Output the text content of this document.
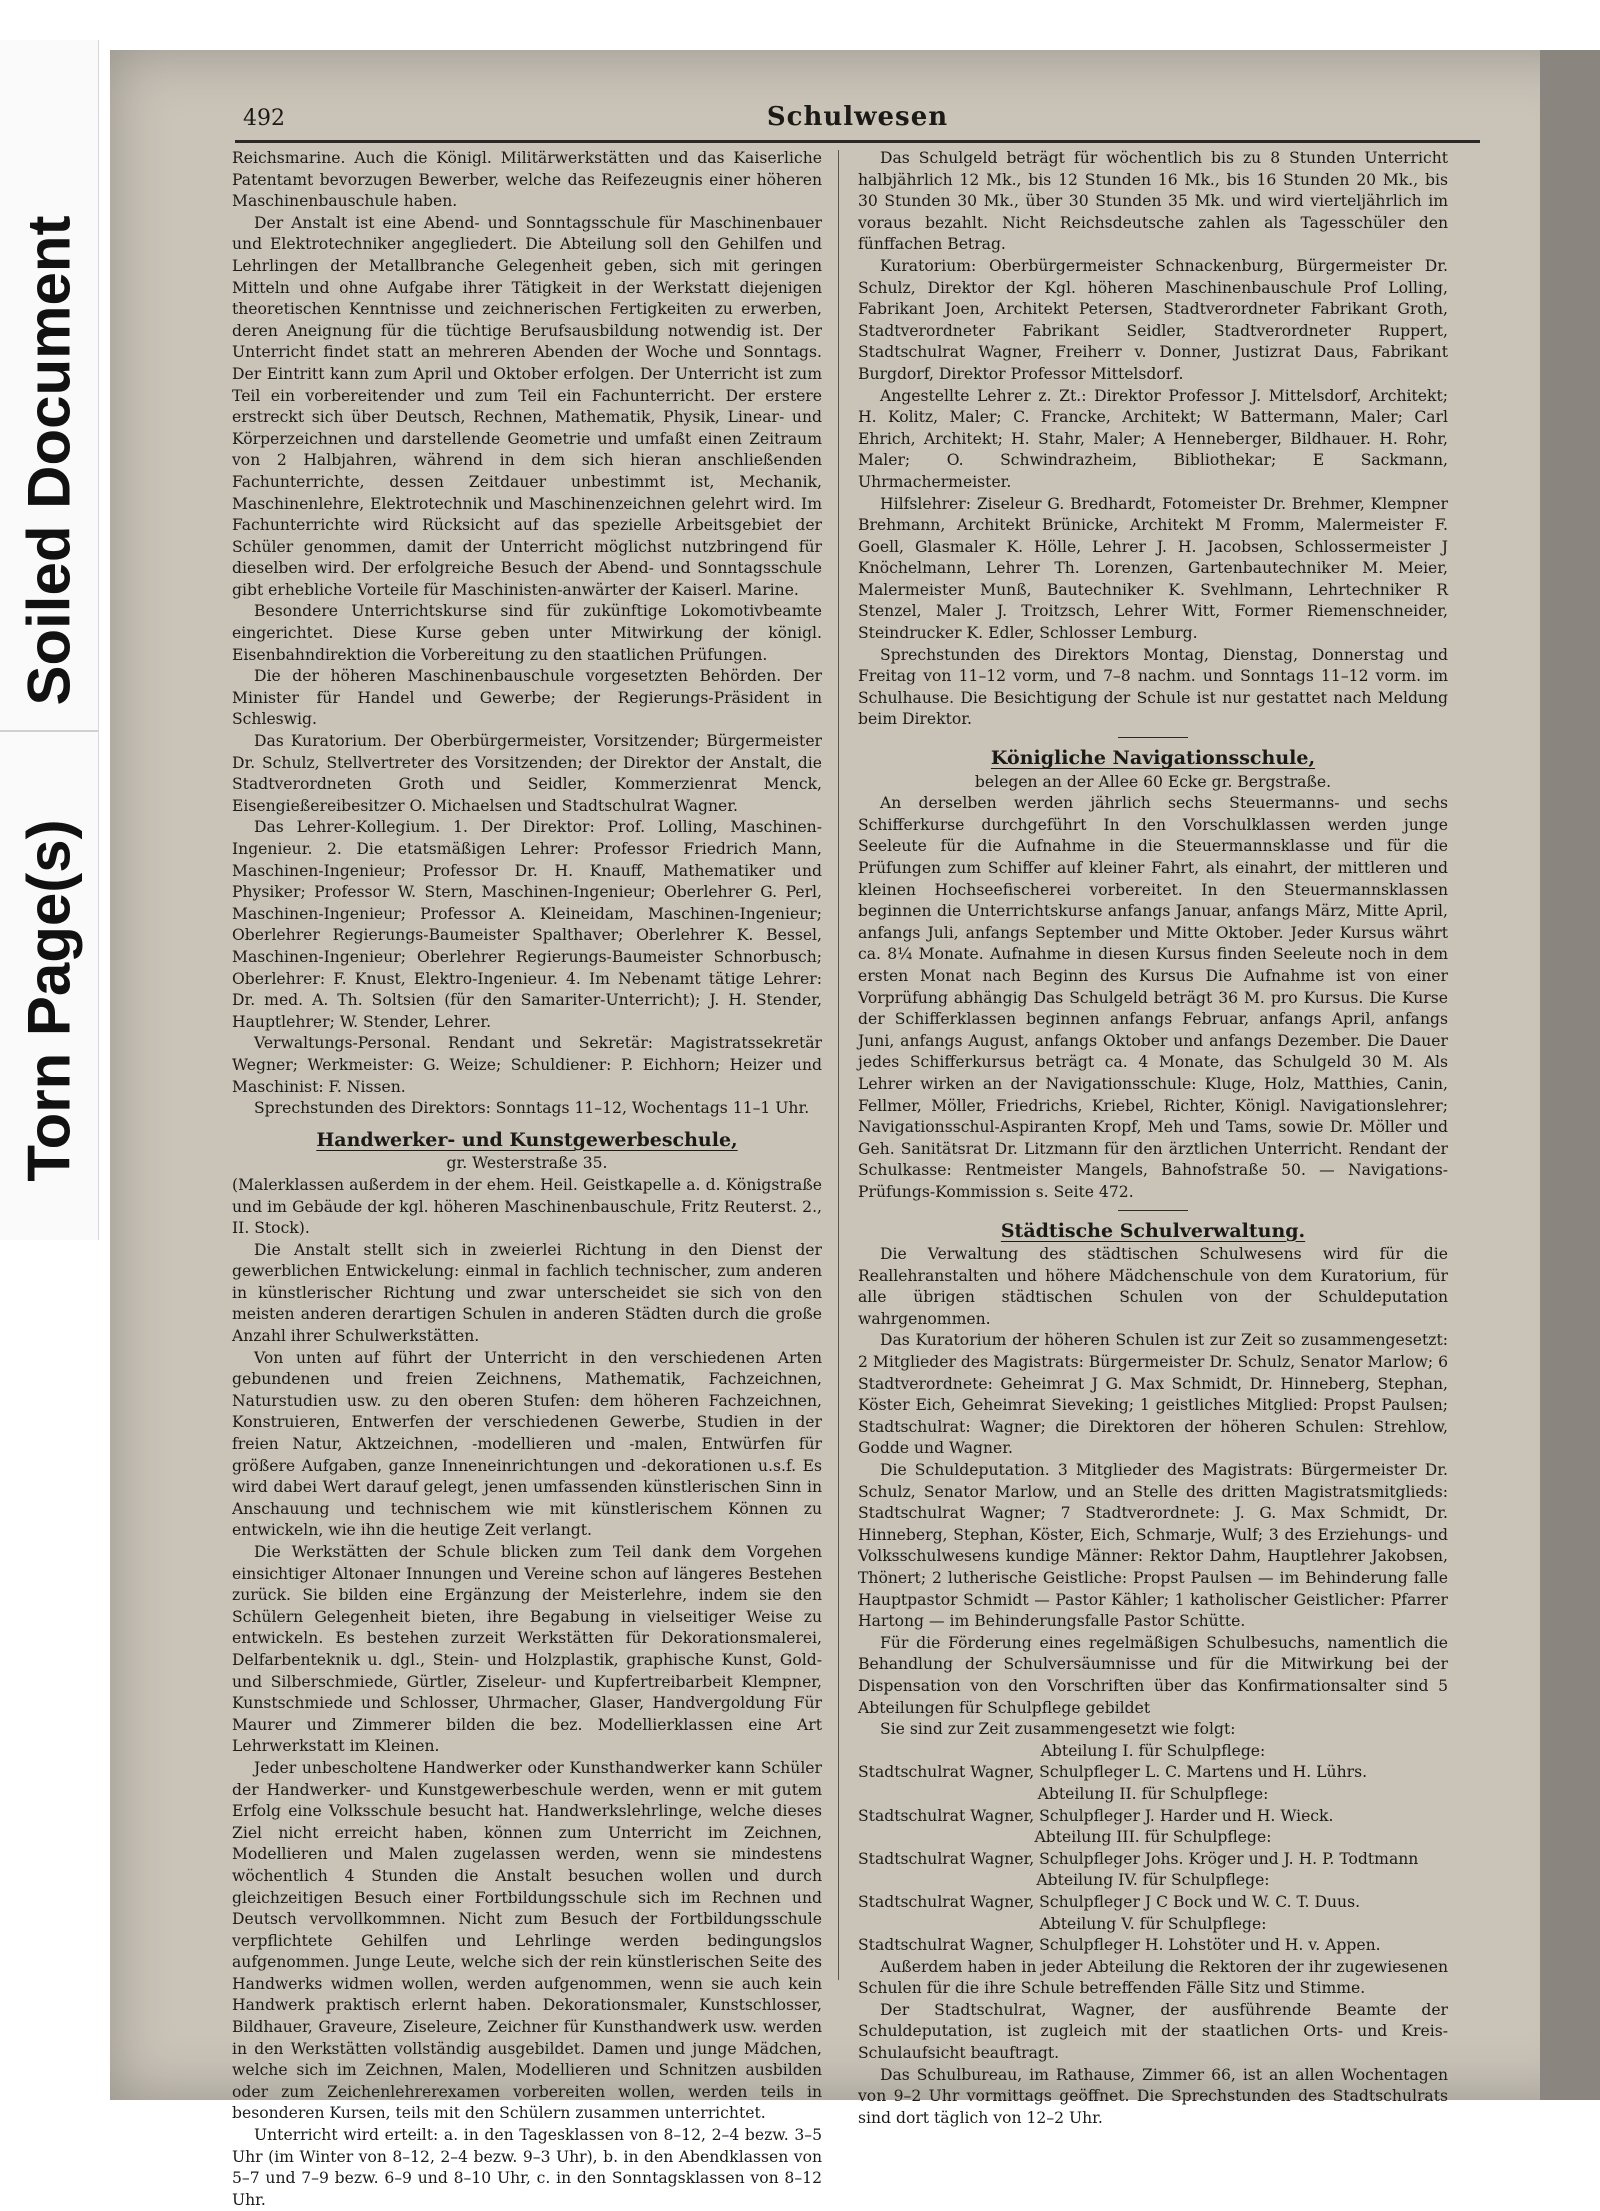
Soiled Document
Torn Page(s)
492	Schulwesen

Reichsmarine. Auch die Königl. Militärwerkstätten und das Kaiserliche Patentamt bevorzugen Bewerber, welche das Reifezeugnis einer höheren Maschinenbauschule haben.

Der Anstalt ist eine Abend- und Sonntagsschule für Maschinenbauer und Elektrotechniker angegliedert. Die Abteilung soll den Gehilfen und Lehrlingen der Metallbranche Gelegenheit geben, sich mit geringen Mitteln und ohne Aufgabe ihrer Tätigkeit in der Werkstatt diejenigen theoretischen Kenntnisse und zeichnerischen Fertigkeiten zu erwerben, deren Aneignung für die tüchtige Berufsausbildung notwendig ist. Der Unterricht findet statt an mehreren Abenden der Woche und Sonntags. Der Eintritt kann zum April und Oktober erfolgen. Der Unterricht ist zum Teil ein vorbereitender und zum Teil ein Fachunterricht. Der erstere erstreckt sich über Deutsch, Rechnen, Mathematik, Physik, Linear- und Körperzeichnen und darstellende Geometrie und umfaßt einen Zeitraum von 2 Halbjahren, während in dem sich hieran anschließenden Fachunterrichte, dessen Zeitdauer unbestimmt ist, Mechanik, Maschinenlehre, Elektrotechnik und Maschinenzeichnen gelehrt wird. Im Fachunterrichte wird Rücksicht auf das spezielle Arbeitsgebiet der Schüler genommen, damit der Unterricht möglichst nutzbringend für dieselben wird. Der erfolgreiche Besuch der Abend- und Sonntagsschule gibt erhebliche Vorteile für Maschinisten-anwärter der Kaiserl. Marine.

Besondere Unterrichtskurse sind für zukünftige Lokomotivbeamte eingerichtet. Diese Kurse geben unter Mitwirkung der königl. Eisenbahndirektion die Vorbereitung zu den staatlichen Prüfungen.

Die der höheren Maschinenbauschule vorgesetzten Behörden. Der Minister für Handel und Gewerbe; der Regierungs-Präsident in Schleswig.

Das Kuratorium. Der Oberbürgermeister, Vorsitzender; Bürgermeister Dr. Schulz, Stellvertreter des Vorsitzenden; der Direktor der Anstalt, die Stadtverordneten Groth und Seidler, Kommerzienrat Menck, Eisengießereibesitzer O. Michaelsen und Stadtschulrat Wagner.

Das Lehrer-Kollegium. 1. Der Direktor: Prof. Lolling, Maschinen-Ingenieur. 2. Die etatsmäßigen Lehrer: Professor Friedrich Mann, Maschinen-Ingenieur; Professor Dr. H. Knauff, Mathematiker und Physiker; Professor W. Stern, Maschinen-Ingenieur; Oberlehrer G. Perl, Maschinen-Ingenieur; Professor A. Kleineidam, Maschinen-Ingenieur; Oberlehrer Regierungs-Baumeister Spalthaver; Oberlehrer K. Bessel, Maschinen-Ingenieur; Oberlehrer Regierungs-Baumeister Schnorbusch; Oberlehrer: F. Knust, Elektro-Ingenieur. 4. Im Nebenamt tätige Lehrer: Dr. med. A. Th. Soltsien (für den Samariter-Unterricht); J. H. Stender, Hauptlehrer; W. Stender, Lehrer.

Verwaltungs-Personal. Rendant und Sekretär: Magistratssekretär Wegner; Werkmeister: G. Weize; Schuldiener: P. Eichhorn; Heizer und Maschinist: F. Nissen.

Sprechstunden des Direktors: Sonntags 11–12, Wochentags 11–1 Uhr.

Handwerker- und Kunstgewerbeschule,

gr. Westerstraße 35.

(Malerklassen außerdem in der ehem. Heil. Geistkapelle a. d. Königstraße und im Gebäude der kgl. höheren Maschinenbauschule, Fritz Reuterst. 2., II. Stock).

Die Anstalt stellt sich in zweierlei Richtung in den Dienst der gewerblichen Entwickelung: einmal in fachlich technischer, zum anderen in künstlerischer Richtung und zwar unterscheidet sie sich von den meisten anderen derartigen Schulen in anderen Städten durch die große Anzahl ihrer Schulwerkstätten.

Von unten auf führt der Unterricht in den verschiedenen Arten gebundenen und freien Zeichnens, Mathematik, Fachzeichnen, Naturstudien usw. zu den oberen Stufen: dem höheren Fachzeichnen, Konstruieren, Entwerfen der verschiedenen Gewerbe, Studien in der freien Natur, Aktzeichnen, -modellieren und -malen, Entwürfen für größere Aufgaben, ganze Inneneinrichtungen und -dekorationen u.s.f. Es wird dabei Wert darauf gelegt, jenen umfassenden künstlerischen Sinn in Anschauung und technischem wie mit künstlerischem Können zu entwickeln, wie ihn die heutige Zeit verlangt.

Die Werkstätten der Schule blicken zum Teil dank dem Vorgehen einsichtiger Altonaer Innungen und Vereine schon auf längeres Bestehen zurück. Sie bilden eine Ergänzung der Meisterlehre, indem sie den Schülern Gelegenheit bieten, ihre Begabung in vielseitiger Weise zu entwickeln. Es bestehen zurzeit Werkstätten für Dekorationsmalerei, Delfarbenteknik u. dgl., Stein- und Holzplastik, graphische Kunst, Gold- und Silberschmiede, Gürtler, Ziseleur- und Kupfertreibarbeit Klempner, Kunstschmiede und Schlosser, Uhrmacher, Glaser, Handvergoldung Für Maurer und Zimmerer bilden die bez. Modellierklassen eine Art Lehrwerkstatt im Kleinen.

Jeder unbescholtene Handwerker oder Kunsthandwerker kann Schüler der Handwerker- und Kunstgewerbeschule werden, wenn er mit gutem Erfolg eine Volksschule besucht hat. Handwerkslehrlinge, welche dieses Ziel nicht erreicht haben, können zum Unterricht im Zeichnen, Modellieren und Malen zugelassen werden, wenn sie mindestens wöchentlich 4 Stunden die Anstalt besuchen wollen und durch gleichzeitigen Besuch einer Fortbildungsschule sich im Rechnen und Deutsch vervollkommnen. Nicht zum Besuch der Fortbildungsschule verpflichtete Gehilfen und Lehrlinge werden bedingungslos aufgenommen. Junge Leute, welche sich der rein künstlerischen Seite des Handwerks widmen wollen, werden aufgenommen, wenn sie auch kein Handwerk praktisch erlernt haben. Dekorationsmaler, Kunstschlosser, Bildhauer, Graveure, Ziseleure, Zeichner für Kunsthandwerk usw. werden in den Werkstätten vollständig ausgebildet. Damen und junge Mädchen, welche sich im Zeichnen, Malen, Modellieren und Schnitzen ausbilden oder zum Zeichenlehrerexamen vorbereiten wollen, werden teils in besonderen Kursen, teils mit den Schülern zusammen unterrichtet.

Unterricht wird erteilt: a. in den Tagesklassen von 8–12, 2–4 bezw. 3–5 Uhr (im Winter von 8–12, 2–4 bezw. 9–3 Uhr), b. in den Abendklassen von 5–7 und 7–9 bezw. 6–9 und 8–10 Uhr, c. in den Sonntagsklassen von 8–12 Uhr.

Das Schulgeld beträgt für wöchentlich bis zu 8 Stunden Unterricht halbjährlich 12 Mk., bis 12 Stunden 16 Mk., bis 16 Stunden 20 Mk., bis 30 Stunden 30 Mk., über 30 Stunden 35 Mk. und wird vierteljährlich im voraus bezahlt. Nicht Reichsdeutsche zahlen als Tagesschüler den fünffachen Betrag.

Kuratorium: Oberbürgermeister Schnackenburg, Bürgermeister Dr. Schulz, Direktor der Kgl. höheren Maschinenbauschule Prof Lolling, Fabrikant Joen, Architekt Petersen, Stadtverordneter Fabrikant Groth, Stadtverordneter Fabrikant Seidler, Stadtverordneter Ruppert, Stadtschulrat Wagner, Freiherr v. Donner, Justizrat Daus, Fabrikant Burgdorf, Direktor Professor Mittelsdorf.

Angestellte Lehrer z. Zt.: Direktor Professor J. Mittelsdorf, Architekt; H. Kolitz, Maler; C. Francke, Architekt; W Battermann, Maler; Carl Ehrich, Architekt; H. Stahr, Maler; A Henneberger, Bildhauer. H. Rohr, Maler; O. Schwindrazheim, Bibliothekar; E Sackmann, Uhrmachermeister.

Hilfslehrer: Ziseleur G. Bredhardt, Fotomeister Dr. Brehmer, Klempner Brehmann, Architekt Brünicke, Architekt M Fromm, Malermeister F. Goell, Glasmaler K. Hölle, Lehrer J. H. Jacobsen, Schlossermeister J Knöchelmann, Lehrer Th. Lorenzen, Gartenbautechniker M. Meier, Malermeister Munß, Bautechniker K. Svehlmann, Lehrtechniker R Stenzel, Maler J. Troitzsch, Lehrer Witt, Former Riemenschneider, Steindrucker K. Edler, Schlosser Lemburg.

Sprechstunden des Direktors Montag, Dienstag, Donnerstag und Freitag von 11–12 vorm, und 7–8 nachm. und Sonntags 11–12 vorm. im Schulhause. Die Besichtigung der Schule ist nur gestattet nach Meldung beim Direktor.

Königliche Navigationsschule,

belegen an der Allee 60 Ecke gr. Bergstraße.

An derselben werden jährlich sechs Steuermanns- und sechs Schifferkurse durchgeführt In den Vorschulklassen werden junge Seeleute für die Aufnahme in die Steuermannsklasse und für die Prüfungen zum Schiffer auf kleiner Fahrt, als einahrt, der mittleren und kleinen Hochseefischerei vorbereitet. In den Steuermannsklassen beginnen die Unterrichtskurse anfangs Januar, anfangs März, Mitte April, anfangs Juli, anfangs September und Mitte Oktober. Jeder Kursus währt ca. 8¼ Monate. Aufnahme in diesen Kursus finden Seeleute noch in dem ersten Monat nach Beginn des Kursus Die Aufnahme ist von einer Vorprüfung abhängig Das Schulgeld beträgt 36 M. pro Kursus. Die Kurse der Schifferklassen beginnen anfangs Februar, anfangs April, anfangs Juni, anfangs August, anfangs Oktober und anfangs Dezember. Die Dauer jedes Schifferkursus beträgt ca. 4 Monate, das Schulgeld 30 M. Als Lehrer wirken an der Navigationsschule: Kluge, Holz, Matthies, Canin, Fellmer, Möller, Friedrichs, Kriebel, Richter, Königl. Navigationslehrer; Navigationsschul-Aspiranten Kropf, Meh und Tams, sowie Dr. Möller und Geh. Sanitätsrat Dr. Litzmann für den ärztlichen Unterricht. Rendant der Schulkasse: Rentmeister Mangels, Bahnofstraße 50. — Navigations-Prüfungs-Kommission s. Seite 472.

Städtische Schulverwaltung.

Die Verwaltung des städtischen Schulwesens wird für die Reallehranstalten und höhere Mädchenschule von dem Kuratorium, für alle übrigen städtischen Schulen von der Schuldeputation wahrgenommen.

Das Kuratorium der höheren Schulen ist zur Zeit so zusammengesetzt: 2 Mitglieder des Magistrats: Bürgermeister Dr. Schulz, Senator Marlow; 6 Stadtverordnete: Geheimrat J G. Max Schmidt, Dr. Hinneberg, Stephan, Köster Eich, Geheimrat Sieveking; 1 geistliches Mitglied: Propst Paulsen; Stadtschulrat: Wagner; die Direktoren der höheren Schulen: Strehlow, Godde und Wagner.

Die Schuldeputation. 3 Mitglieder des Magistrats: Bürgermeister Dr. Schulz, Senator Marlow, und an Stelle des dritten Magistratsmitglieds: Stadtschulrat Wagner; 7 Stadtverordnete: J. G. Max Schmidt, Dr. Hinneberg, Stephan, Köster, Eich, Schmarje, Wulf; 3 des Erziehungs- und Volksschulwesens kundige Männer: Rektor Dahm, Hauptlehrer Jakobsen, Thönert; 2 lutherische Geistliche: Propst Paulsen — im Behinderung falle Hauptpastor Schmidt — Pastor Kähler; 1 katholischer Geistlicher: Pfarrer Hartong — im Behinderungsfalle Pastor Schütte.

Für die Förderung eines regelmäßigen Schulbesuchs, namentlich die Behandlung der Schulversäumnisse und für die Mitwirkung bei der Dispensation von den Vorschriften über das Konfirmationsalter sind 5 Abteilungen für Schulpflege gebildet

Sie sind zur Zeit zusammengesetzt wie folgt:

Abteilung I. für Schulpflege:

Stadtschulrat Wagner, Schulpfleger L. C. Martens und H. Lührs.

Abteilung II. für Schulpflege:

Stadtschulrat Wagner, Schulpfleger J. Harder und H. Wieck.

Abteilung III. für Schulpflege:

Stadtschulrat Wagner, Schulpfleger Johs. Kröger und J. H. P. Todtmann

Abteilung IV. für Schulpflege:

Stadtschulrat Wagner, Schulpfleger J C Bock und W. C. T. Duus.

Abteilung V. für Schulpflege:

Stadtschulrat Wagner, Schulpfleger H. Lohstöter und H. v. Appen.

Außerdem haben in jeder Abteilung die Rektoren der ihr zugewiesenen Schulen für die ihre Schule betreffenden Fälle Sitz und Stimme.

Der Stadtschulrat, Wagner, der ausführende Beamte der Schuldeputation, ist zugleich mit der staatlichen Orts- und Kreis-Schulaufsicht beauftragt.

Das Schulbureau, im Rathause, Zimmer 66, ist an allen Wochentagen von 9–2 Uhr vormittags geöffnet. Die Sprechstunden des Stadtschulrats sind dort täglich von 12–2 Uhr.
